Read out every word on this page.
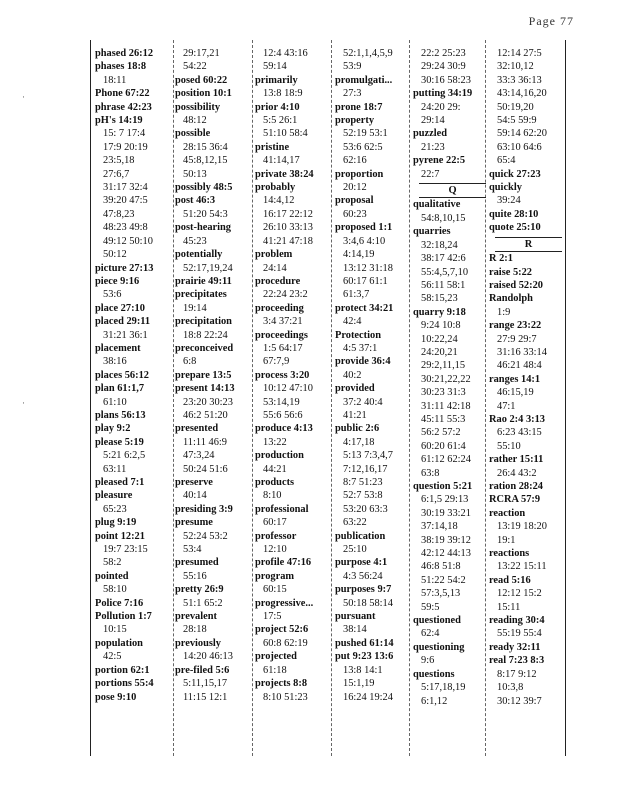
Page 77
·
·
phased 26:12
phases 18:8
18:11
Phone 67:22
phrase 42:23
pH's 14:19
15: 7 17:4
17:9 20:19
23:5,18
27:6,7
31:17 32:4
39:20 47:5
47:8,23
48:23 49:8
49:12 50:10
50:12
picture 27:13
piece 9:16
53:6
place 27:10
placed 29:11
31:21 36:1
placement
38:16
places 56:12
plan 61:1,7
61:10
plans 56:13
play 9:2
please 5:19
5:21 6:2,5
63:11
pleased 7:1
pleasure
65:23
plug 9:19
point 12:21
19:7 23:15
58:2
pointed
58:10
Police 7:16
Pollution 1:7
10:15
population
42:5
portion 62:1
portions 55:4
pose 9:10
29:17,21
54:22
posed 60:22
position 10:1
possibility
48:12
possible
28:15 36:4
45:8,12,15
50:13
possibly 48:5
post 46:3
51:20 54:3
post-hearing
45:23
potentially
52:17,19,24
prairie 49:11
precipitates
19:14
precipitation
18:8 22:24
preconceived
6:8
prepare 13:5
present 14:13
23:20 30:23
46:2 51:20
presented
11:11 46:9
47:3,24
50:24 51:6
preserve
40:14
presiding 3:9
presume
52:24 53:2
53:4
presumed
55:16
pretty 26:9
51:1 65:2
prevalent
28:18
previously
14:20 46:13
pre-filed 5:6
5:11,15,17
11:15 12:1
12:4 43:16
59:14
primarily
13:8 18:9
prior 4:10
5:5 26:1
51:10 58:4
pristine
41:14,17
private 38:24
probably
14:4,12
16:17 22:12
26:10 33:13
41:21 47:18
problem
24:14
procedure
22:24 23:2
proceeding
3:4 37:21
proceedings
1:5 64:17
67:7,9
process 3:20
10:12 47:10
53:14,19
55:6 56:6
produce 4:13
13:22
production
44:21
products
8:10
professional
60:17
professor
12:10
profile 47:16
program
60:15
progressive...
17:5
project 52:6
60:8 62:19
projected
61:18
projects 8:8
8:10 51:23
52:1,1,4,5,9
53:9
promulgati...
27:3
prone 18:7
property
52:19 53:1
53:6 62:5
62:16
proportion
20:12
proposal
60:23
proposed 1:1
3:4,6 4:10
4:14,19
13:12 31:18
60:17 61:1
61:3,7
protect 34:21
42:4
Protection
4:5 37:1
provide 36:4
40:2
provided
37:2 40:4
41:21
public 2:6
4:17,18
5:13 7:3,4,7
7:12,16,17
8:7 51:23
52:7 53:8
53:20 63:3
63:22
publication
25:10
purpose 4:1
4:3 56:24
purposes 9:7
50:18 58:14
pursuant
38:14
pushed 61:14
put 9:23 13:6
13:8 14:1
15:1,19
16:24 19:24
22:2 25:23
29:24 30:9
30:16 58:23
putting 34:19
24:20 29:
29:14
puzzled
21:23
pyrene 22:5
22:7
Q
qualitative
54:8,10,15
quarries
32:18,24
38:17 42:6
55:4,5,7,10
56:11 58:1
58:15,23
quarry 9:18
9:24 10:8
10:22,24
24:20,21
29:2,11,15
30:21,22,22
30:23 31:3
31:11 42:18
45:11 55:3
56:2 57:2
60:20 61:4
61:12 62:24
63:8
question 5:21
6:1,5 29:13
30:19 33:21
37:14,18
38:19 39:12
42:12 44:13
46:8 51:8
51:22 54:2
57:3,5,13
59:5
questioned
62:4
questioning
9:6
questions
5:17,18,19
6:1,12
12:14 27:5
32:10,12
33:3 36:13
43:14,16,20
50:19,20
54:5 59:9
59:14 62:20
63:10 64:6
65:4
quick 27:23
quickly
39:24
quite 28:10
quote 25:10
R
R 2:1
raise 5:22
raised 52:20
Randolph
1:9
range 23:22
27:9 29:7
31:16 33:14
46:21 48:4
ranges 14:1
46:15,19
47:1
Rao 2:4 3:13
6:23 43:15
55:10
rather 15:11
26:4 43:2
ration 28:24
RCRA 57:9
reaction
13:19 18:20
19:1
reactions
13:22 15:11
read 5:16
12:12 15:2
15:11
reading 30:4
55:19 55:4
ready 32:11
real 7:23 8:3
8:17 9:12
10:3,8
30:12 39:7
